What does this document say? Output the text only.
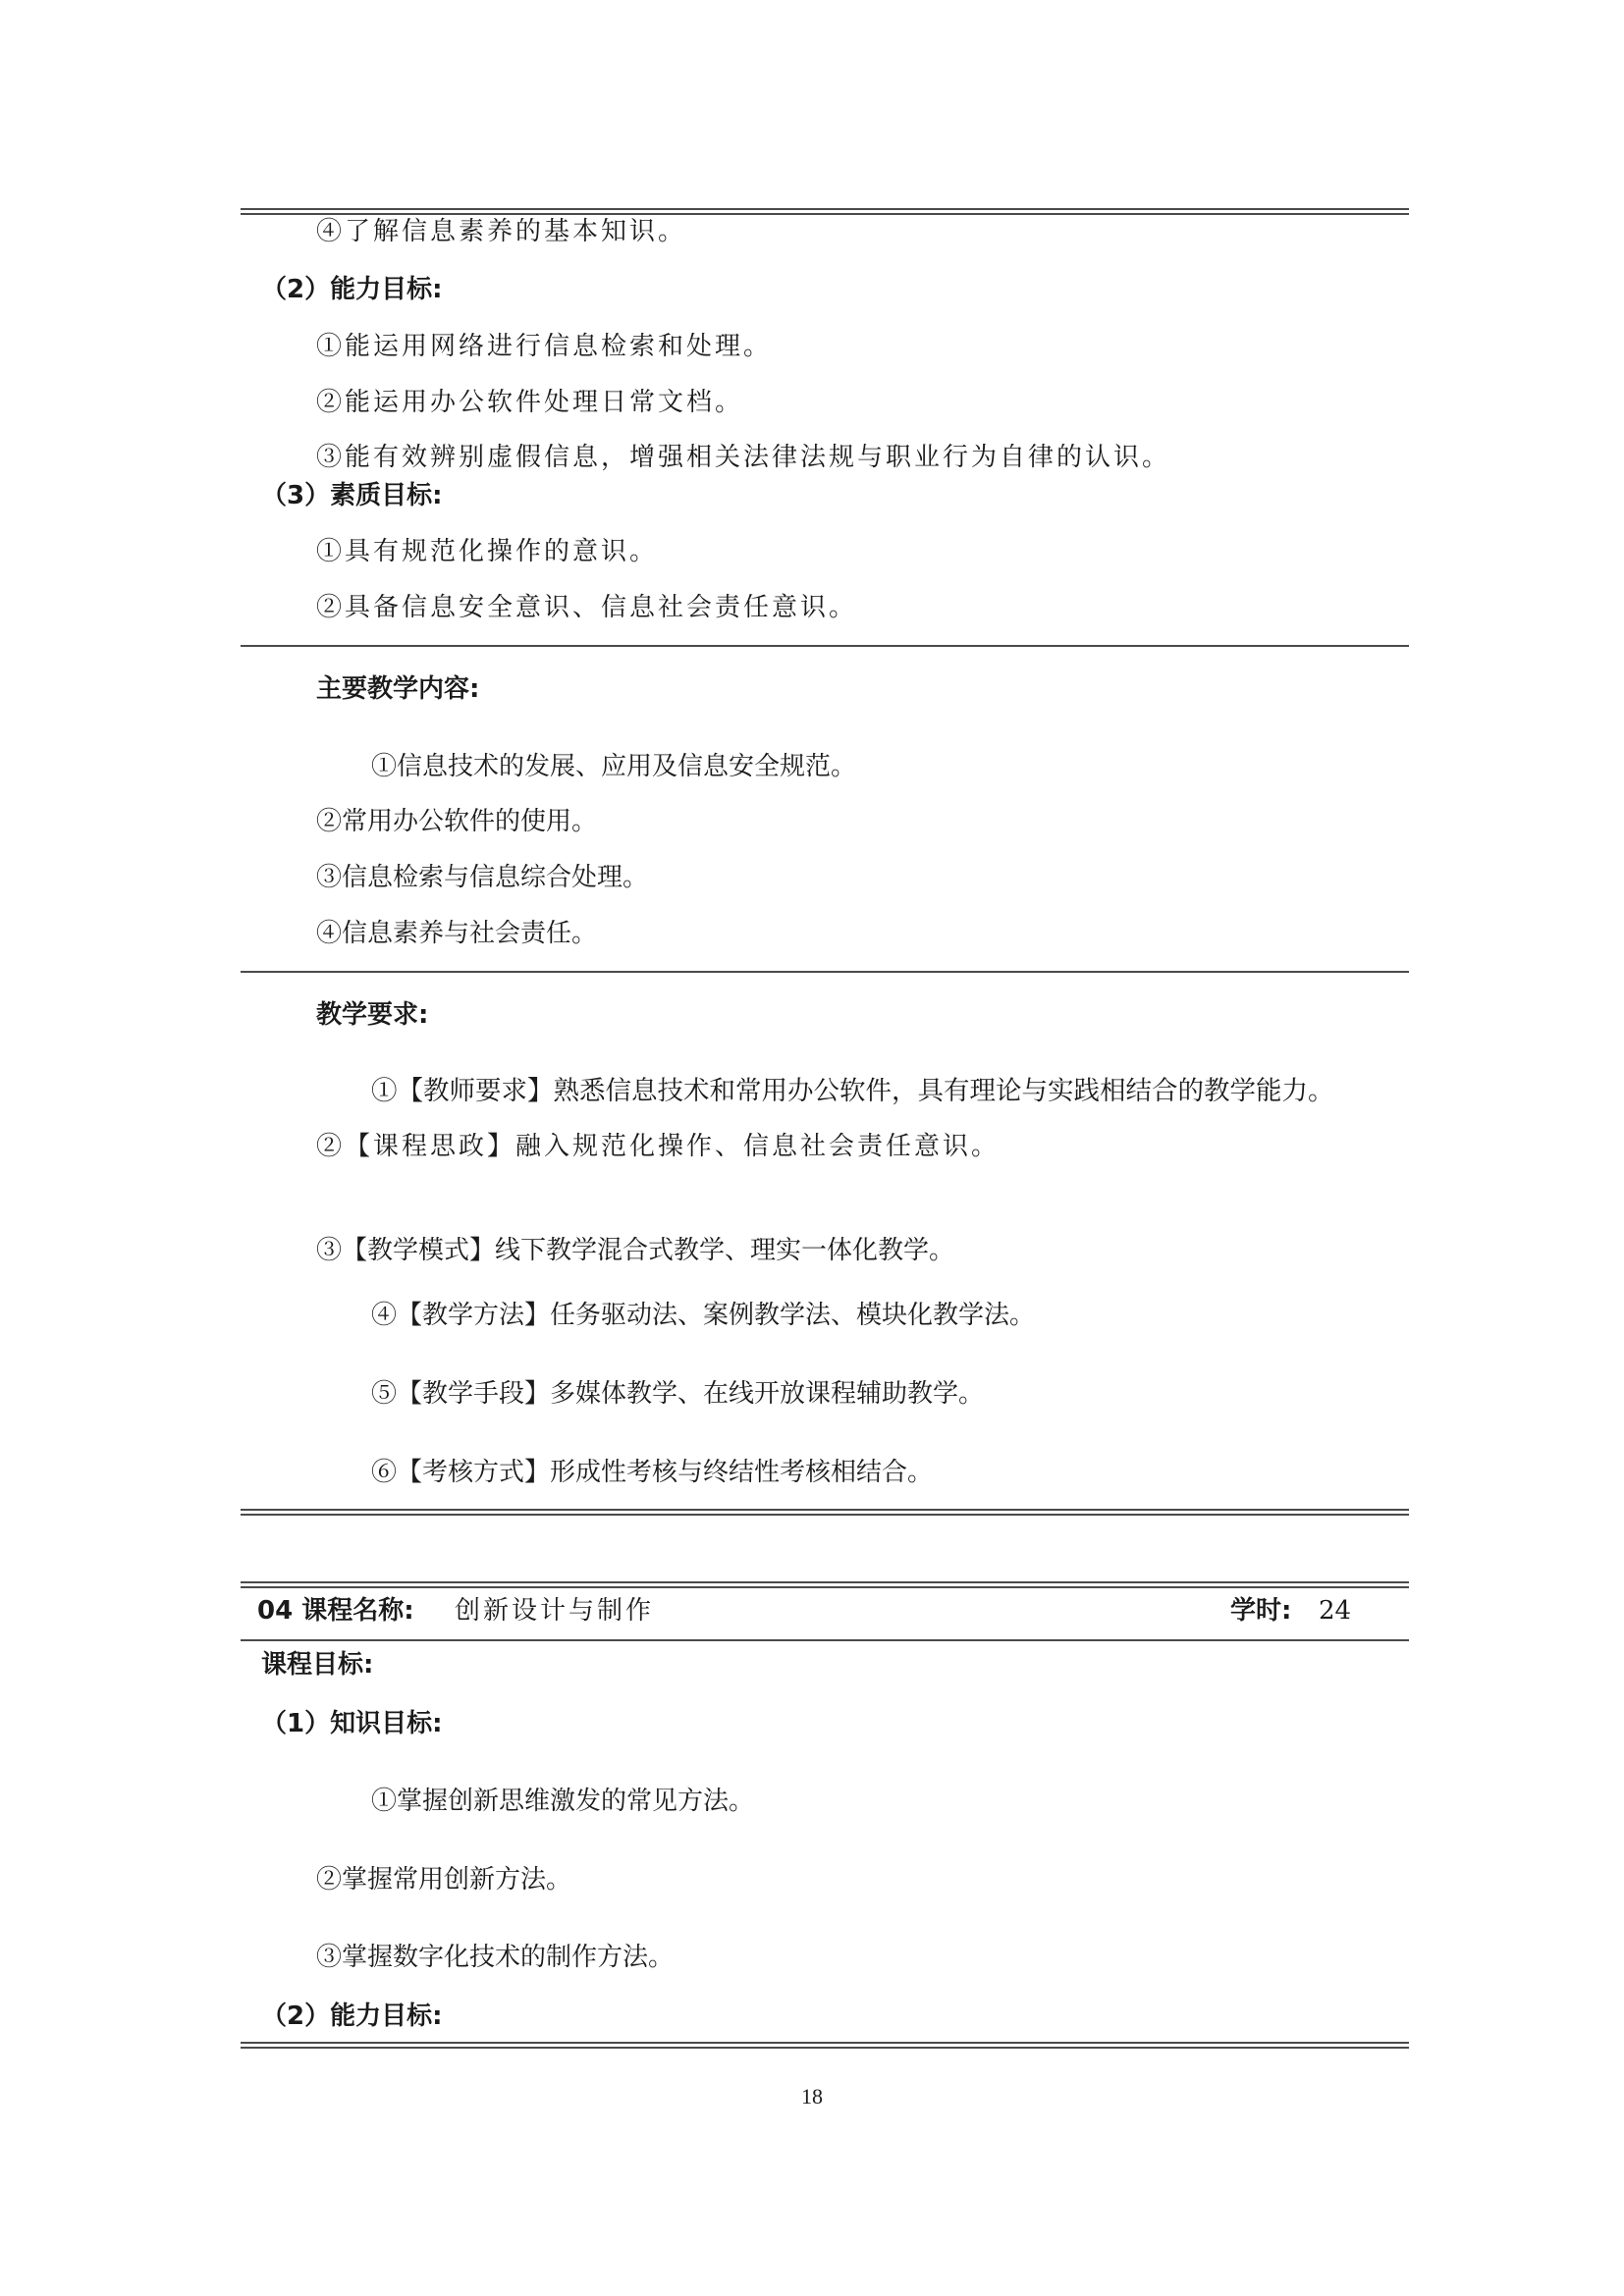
④了解信息素养的基本知识。
（2）能力目标:
①能运用网络进行信息检索和处理。
②能运用办公软件处理日常文档。
③能有效辨别虚假信息，增强相关法律法规与职业行为自律的认识。
（3）素质目标:
①具有规范化操作的意识。
②具备信息安全意识、信息社会责任意识。
主要教学内容:
①信息技术的发展、应用及信息安全规范。
②常用办公软件的使用。
③信息检索与信息综合处理。
④信息素养与社会责任。
教学要求:
①【教师要求】熟悉信息技术和常用办公软件，具有理论与实践相结合的教学能力。
②【课程思政】融入规范化操作、信息社会责任意识。
③【教学模式】线下教学混合式教学、理实一体化教学。
④【教学方法】任务驱动法、案例教学法、模块化教学法。
⑤【教学手段】多媒体教学、在线开放课程辅助教学。
⑥【考核方式】形成性考核与终结性考核相结合。
04 课程名称: 创新设计与制作	学时: 24
课程目标:
（1）知识目标:
①掌握创新思维激发的常见方法。
②掌握常用创新方法。
③掌握数字化技术的制作方法。
（2）能力目标:
18
